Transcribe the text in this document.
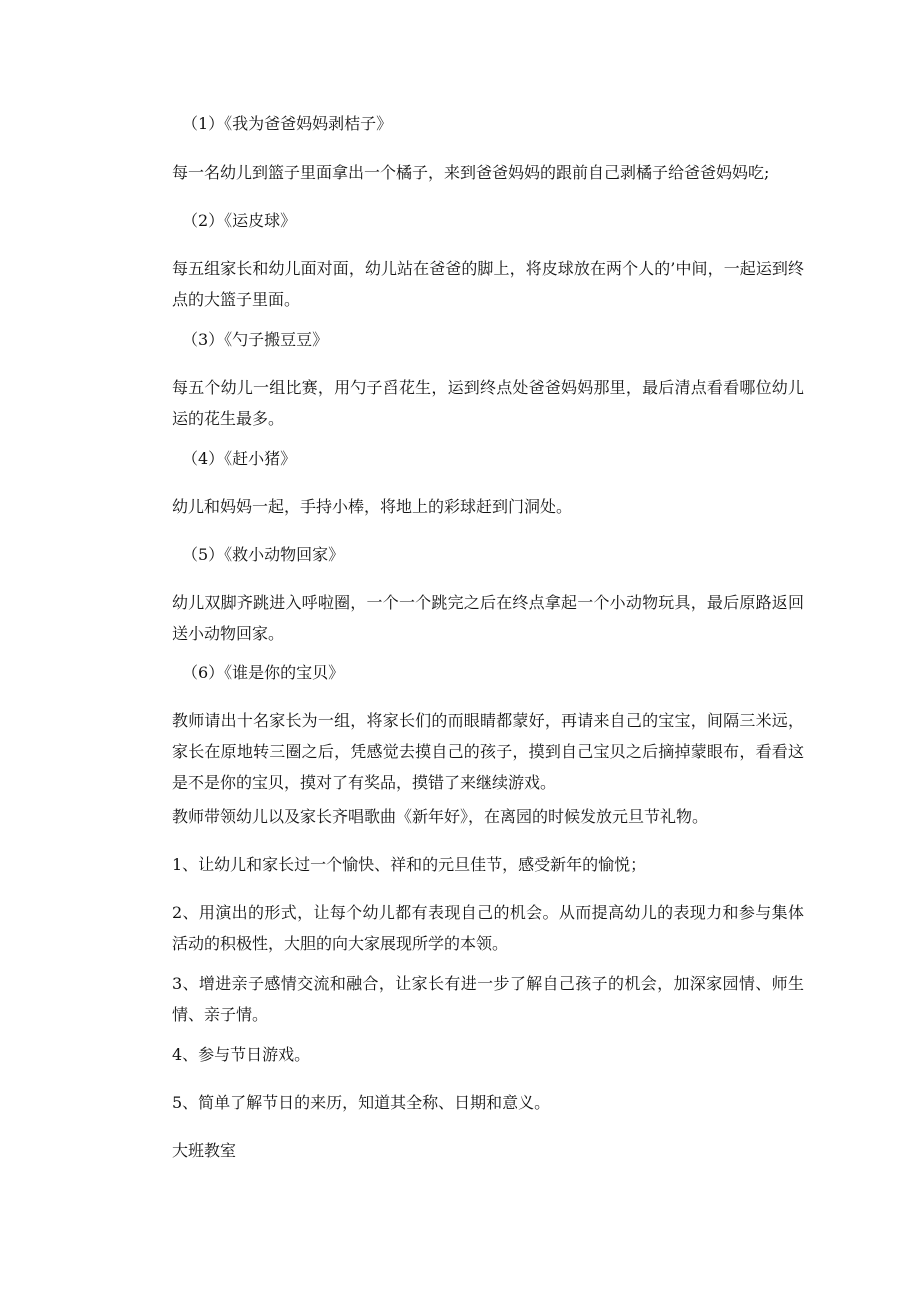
（1）《我为爸爸妈妈剥桔子》

每一名幼儿到篮子里面拿出一个橘子，来到爸爸妈妈的跟前自己剥橘子给爸爸妈妈吃;

（2）《运皮球》

每五组家长和幼儿面对面，幼儿站在爸爸的脚上，将皮球放在两个人的’中间，一起运到终点的大篮子里面。

（3）《勺子搬豆豆》

每五个幼儿一组比赛，用勺子舀花生，运到终点处爸爸妈妈那里，最后清点看看哪位幼儿运的花生最多。

（4）《赶小猪》

幼儿和妈妈一起，手持小棒，将地上的彩球赶到门洞处。

（5）《救小动物回家》

幼儿双脚齐跳进入呼啦圈，一个一个跳完之后在终点拿起一个小动物玩具，最后原路返回送小动物回家。

（6）《谁是你的宝贝》

教师请出十名家长为一组，将家长们的而眼睛都蒙好，再请来自己的宝宝，间隔三米远，家长在原地转三圈之后，凭感觉去摸自己的孩子，摸到自己宝贝之后摘掉蒙眼布，看看这是不是你的宝贝，摸对了有奖品，摸错了来继续游戏。

教师带领幼儿以及家长齐唱歌曲《新年好》，在离园的时候发放元旦节礼物。

1、让幼儿和家长过一个愉快、祥和的元旦佳节，感受新年的愉悦；

2、用演出的形式，让每个幼儿都有表现自己的机会。从而提高幼儿的表现力和参与集体活动的积极性，大胆的向大家展现所学的本领。

3、增进亲子感情交流和融合，让家长有进一步了解自己孩子的机会，加深家园情、师生情、亲子情。

4、参与节日游戏。

5、简单了解节日的来历，知道其全称、日期和意义。

大班教室
